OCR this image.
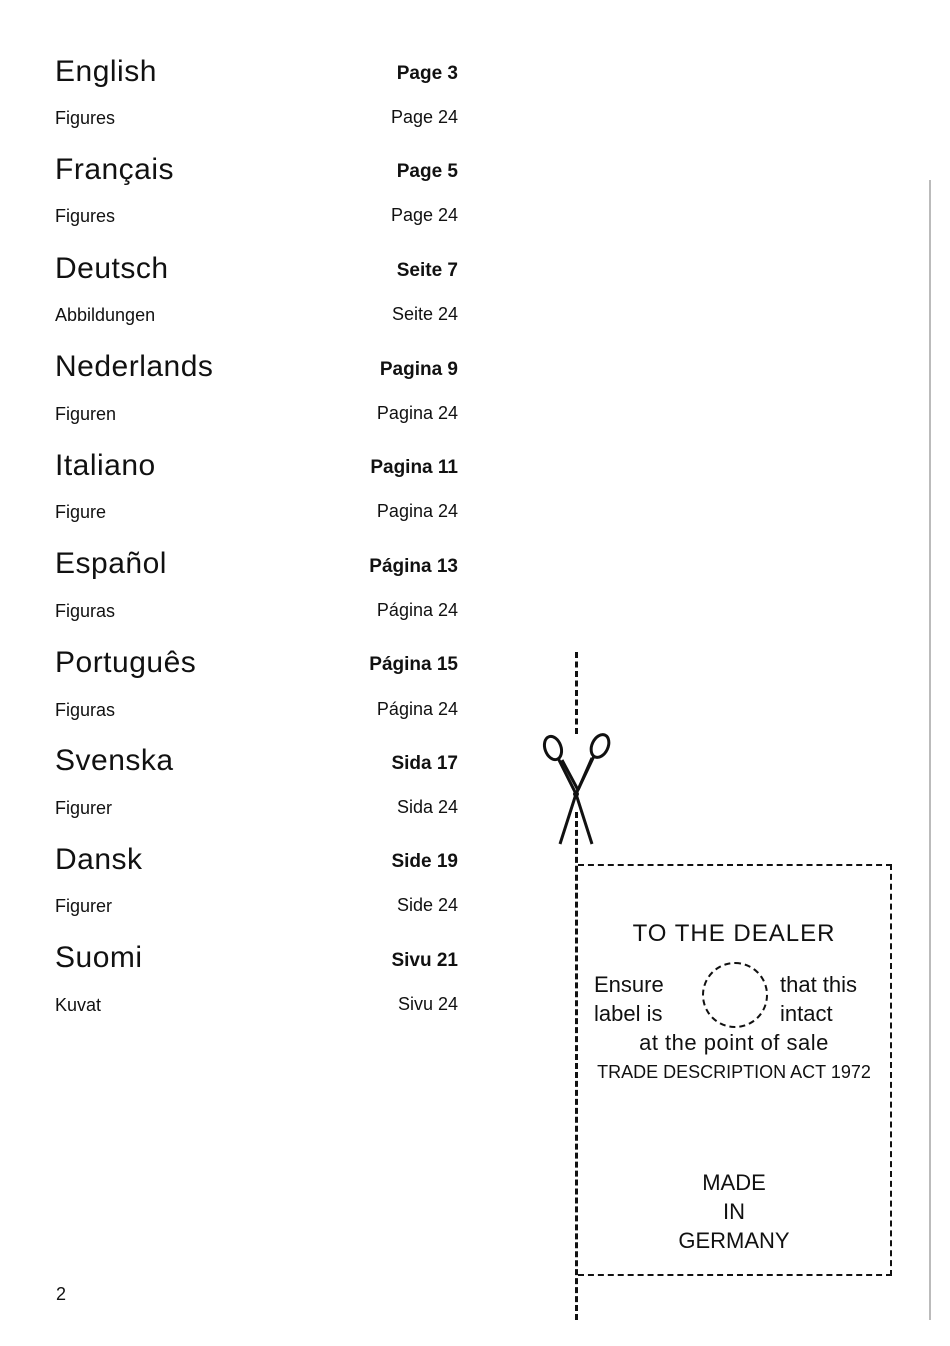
English	Page 3
Figures	Page 24
Français	Page 5
Figures	Page 24
Deutsch	Seite 7
Abbildungen	Seite 24
Nederlands	Pagina 9
Figuren	Pagina 24
Italiano	Pagina 11
Figure	Pagina 24
Español	Página 13
Figuras	Página 24
Português	Página 15
Figuras	Página 24
Svenska	Sida 17
Figurer	Sida 24
Dansk	Side 19
Figurer	Side 24
Suomi	Sivu 21
Kuvat	Sivu 24
2
TO THE DEALER
Ensure
label is
that this
intact
at the point of sale
TRADE DESCRIPTION ACT 1972
MADE
IN
GERMANY
